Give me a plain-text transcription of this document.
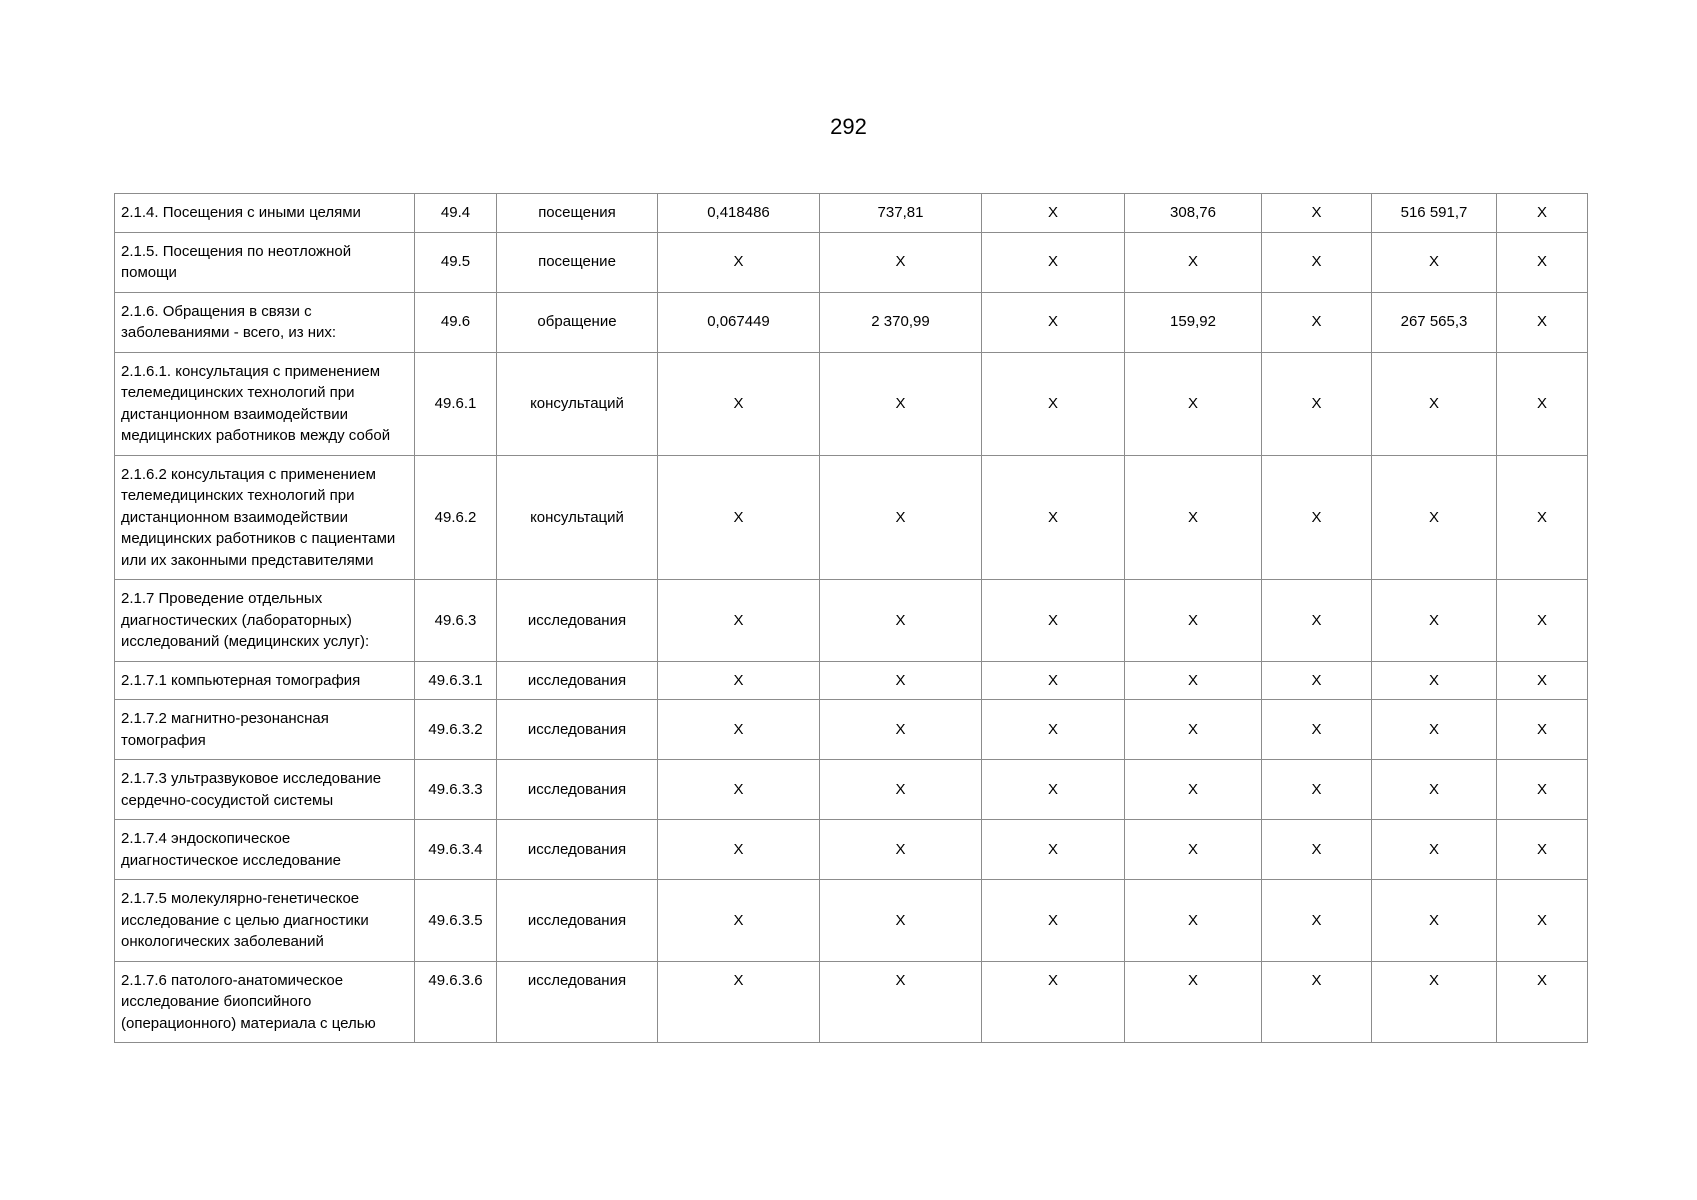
292
2.1.4. Посещения с иными целями	49.4	посещения	0,418486	737,81	X	308,76	X	516 591,7	X
2.1.5. Посещения по неотложной помощи	49.5	посещение	X	X	X	X	X	X	X
2.1.6. Обращения в связи с заболеваниями - всего, из них:	49.6	обращение	0,067449	2 370,99	X	159,92	X	267 565,3	X
2.1.6.1. консультация с применением телемедицинских технологий при дистанционном взаимодействии медицинских работников между собой	49.6.1	консультаций	X	X	X	X	X	X	X
2.1.6.2 консультация с применением телемедицинских технологий при дистанционном взаимодействии медицинских работников с пациентами или их законными представителями	49.6.2	консультаций	X	X	X	X	X	X	X
2.1.7 Проведение отдельных диагностических (лабораторных) исследований (медицинских услуг):	49.6.3	исследования	X	X	X	X	X	X	X
2.1.7.1 компьютерная томография	49.6.3.1	исследования	X	X	X	X	X	X	X
2.1.7.2 магнитно-резонансная томография	49.6.3.2	исследования	X	X	X	X	X	X	X
2.1.7.3 ультразвуковое исследование сердечно-сосудистой системы	49.6.3.3	исследования	X	X	X	X	X	X	X
2.1.7.4 эндоскопическое диагностическое исследование	49.6.3.4	исследования	X	X	X	X	X	X	X
2.1.7.5 молекулярно-генетическое исследование с целью диагностики онкологических заболеваний	49.6.3.5	исследования	X	X	X	X	X	X	X
2.1.7.6 патолого-анатомическое исследование биопсийного (операционного) материала с целью	49.6.3.6	исследования	X	X	X	X	X	X	X
